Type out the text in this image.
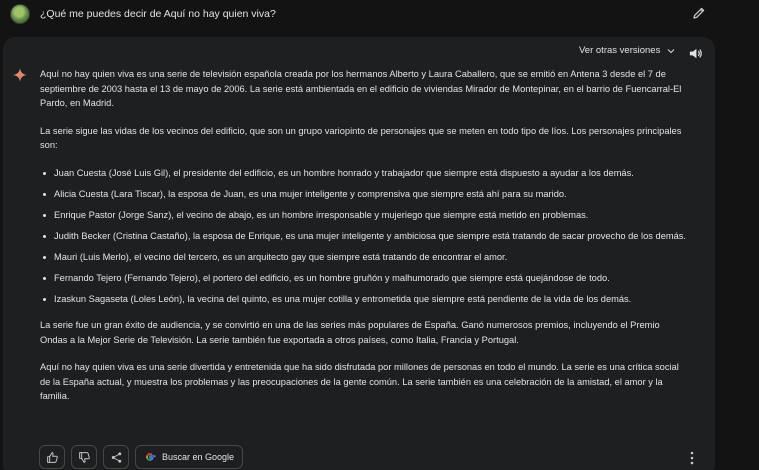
¿Qué me puedes decir de Aquí no hay quien viva?
Ver otras versiones

Aquí no hay quien viva es una serie de televisión española creada por los hermanos Alberto y Laura Caballero, que se emitió en Antena 3 desde el 7 de septiembre de 2003 hasta el 13 de mayo de 2006. La serie está ambientada en el edificio de viviendas Mirador de Montepinar, en el barrio de Fuencarral-El Pardo, en Madrid.

La serie sigue las vidas de los vecinos del edificio, que son un grupo variopinto de personajes que se meten en todo tipo de líos. Los personajes principales son:

Juan Cuesta (José Luis Gil), el presidente del edificio, es un hombre honrado y trabajador que siempre está dispuesto a ayudar a los demás.
Alicia Cuesta (Lara Tiscar), la esposa de Juan, es una mujer inteligente y comprensiva que siempre está ahí para su marido.
Enrique Pastor (Jorge Sanz), el vecino de abajo, es un hombre irresponsable y mujeriego que siempre está metido en problemas.
Judith Becker (Cristina Castaño), la esposa de Enrique, es una mujer inteligente y ambiciosa que siempre está tratando de sacar provecho de los demás.
Mauri (Luis Merlo), el vecino del tercero, es un arquitecto gay que siempre está tratando de encontrar el amor.
Fernando Tejero (Fernando Tejero), el portero del edificio, es un hombre gruñón y malhumorado que siempre está quejándose de todo.
Izaskun Sagaseta (Loles León), la vecina del quinto, es una mujer cotilla y entrometida que siempre está pendiente de la vida de los demás.

La serie fue un gran éxito de audiencia, y se convirtió en una de las series más populares de España. Ganó numerosos premios, incluyendo el Premio Ondas a la Mejor Serie de Televisión. La serie también fue exportada a otros países, como Italia, Francia y Portugal.

Aquí no hay quien viva es una serie divertida y entretenida que ha sido disfrutada por millones de personas en todo el mundo. La serie es una crítica social de la España actual, y muestra los problemas y las preocupaciones de la gente común. La serie también es una celebración de la amistad, el amor y la familia.

Buscar en Google
